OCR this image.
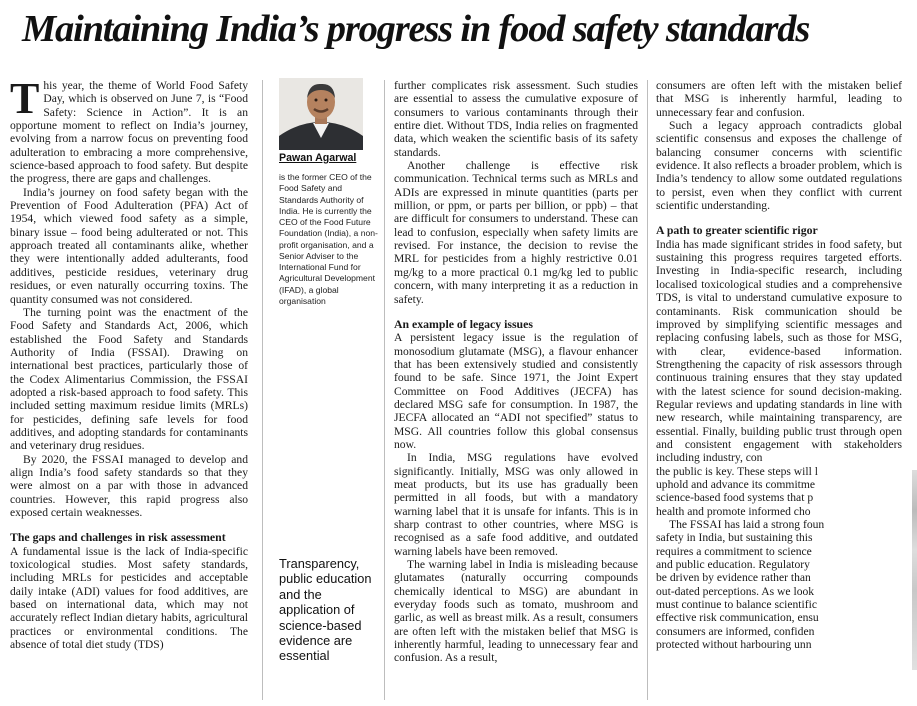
Maintaining India’s progress in food safety standards

This year, the theme of World Food Safety Day, which is observed on June 7, is “Food Safety: Science in Action”. It is an opportune moment to reflect on India’s journey, evolving from a narrow focus on preventing food adulteration to embracing a more comprehensive, science-based approach to food safety. But despite the progress, there are gaps and challenges.

India’s journey on food safety began with the Prevention of Food Adulteration (PFA) Act of 1954, which viewed food safety as a simple, binary issue – food being adulterated or not. This approach treated all contaminants alike, whether they were intentionally added adulterants, food additives, pesticide residues, veterinary drug residues, or even naturally occurring toxins. The quantity consumed was not considered.

The turning point was the enactment of the Food Safety and Standards Act, 2006, which established the Food Safety and Standards Authority of India (FSSAI). Drawing on international best practices, particularly those of the Codex Alimentarius Commission, the FSSAI adopted a risk-based approach to food safety. This included setting maximum residue limits (MRLs) for pesticides, defining safe levels for food additives, and adopting standards for contaminants and veterinary drug residues.

By 2020, the FSSAI managed to develop and align India’s food safety standards so that they were almost on a par with those in advanced countries. However, this rapid progress also exposed certain weaknesses.

The gaps and challenges in risk assessment

A fundamental issue is the lack of India-specific toxicological studies. Most safety standards, including MRLs for pesticides and acceptable daily intake (ADI) values for food additives, are based on international data, which may not accurately reflect Indian dietary habits, agricultural practices or environmental conditions. The absence of total diet study (TDS)

Pawan Agarwal

is the former CEO of the Food Safety and Standards Authority of India. He is currently the CEO of the Food Future Foundation (India), a non-profit organisation, and a Senior Adviser to the International Fund for Agricultural Development (IFAD), a global organisation

Transparency, public education and the application of science-based evidence are essential

further complicates risk assessment. Such studies are essential to assess the cumulative exposure of consumers to various contaminants through their entire diet. Without TDS, India relies on fragmented data, which weaken the scientific basis of its safety standards.

Another challenge is effective risk communication. Technical terms such as MRLs and ADIs are expressed in minute quantities (parts per million, or ppm, or parts per billion, or ppb) – that are difficult for consumers to understand. These can lead to confusion, especially when safety limits are revised. For instance, the decision to revise the MRL for pesticides from a highly restrictive 0.01 mg/kg to a more practical 0.1 mg/kg led to public concern, with many interpreting it as a reduction in safety.

An example of legacy issues

A persistent legacy issue is the regulation of monosodium glutamate (MSG), a flavour enhancer that has been extensively studied and consistently found to be safe. Since 1971, the Joint Expert Committee on Food Additives (JECFA) has declared MSG safe for consumption. In 1987, the JECFA allocated an “ADI not specified” status to MSG. All countries follow this global consensus now.

In India, MSG regulations have evolved significantly. Initially, MSG was only allowed in meat products, but its use has gradually been permitted in all foods, but with a mandatory warning label that it is unsafe for infants. This is in sharp contrast to other countries, where MSG is recognised as a safe food additive, and outdated warning labels have been removed.

The warning label in India is misleading because glutamates (naturally occurring compounds chemically identical to MSG) are abundant in everyday foods such as tomato, mushroom and garlic, as well as breast milk. As a result, consumers are often left with the mistaken belief that MSG is inherently harmful, leading to unnecessary fear and confusion. As a result,

consumers are often left with the mistaken belief that MSG is inherently harmful, leading to unnecessary fear and confusion.

Such a legacy approach contradicts global scientific consensus and exposes the challenge of balancing consumer concerns with scientific evidence. It also reflects a broader problem, which is India’s tendency to allow some outdated regulations to persist, even when they conflict with current scientific understanding.

A path to greater scientific rigor

India has made significant strides in food safety, but sustaining this progress requires targeted efforts. Investing in India-specific research, including localised toxicological studies and a comprehensive TDS, is vital to understand cumulative exposure to contaminants. Risk communication should be improved by simplifying scientific messages and replacing confusing labels, such as those for MSG, with clear, evidence-based information. Strengthening the capacity of risk assessors through continuous training ensures that they stay updated with the latest science for sound decision-making. Regular reviews and updating standards in line with new research, while maintaining transparency, are essential. Finally, building public trust through open and consistent engagement with stakeholders including industry, con
the public is key. These steps will l
uphold and advance its commitme
science-based food systems that p
health and promote informed cho

The FSSAI has laid a strong foun
safety in India, but sustaining this
requires a commitment to science
and public education. Regulatory
be driven by evidence rather than
out-dated perceptions. As we look
must continue to balance scientific
effective risk communication, ensu
consumers are informed, confiden
protected without harbouring unn
